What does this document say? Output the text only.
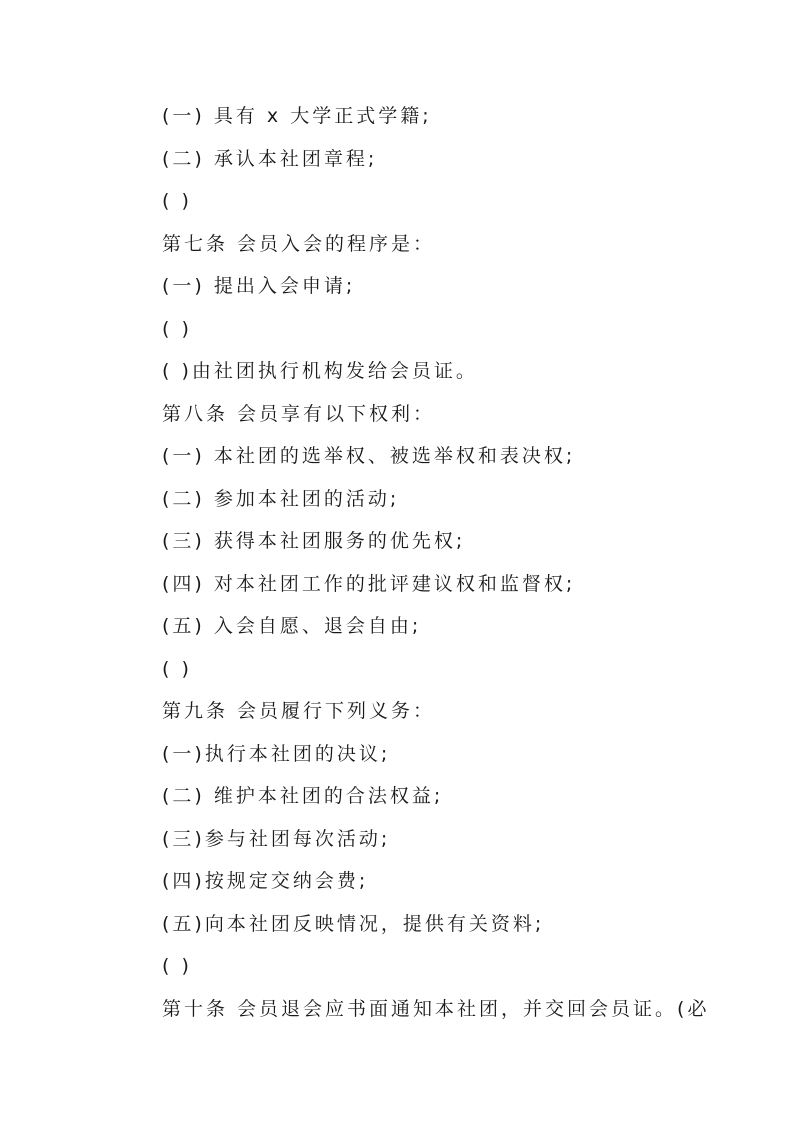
(一) 具有 x 大学正式学籍;
(二) 承认本社团章程;
( )
第七条 会员入会的程序是：
(一) 提出入会申请;
( )
( )由社团执行机构发给会员证。
第八条 会员享有以下权利：
(一) 本社团的选举权、被选举权和表决权;
(二) 参加本社团的活动;
(三) 获得本社团服务的优先权;
(四) 对本社团工作的批评建议权和监督权;
(五) 入会自愿、退会自由;
( )
第九条 会员履行下列义务：
(一)执行本社团的决议;
(二) 维护本社团的合法权益;
(三)参与社团每次活动;
(四)按规定交纳会费;
(五)向本社团反映情况，提供有关资料;
( )
第十条 会员退会应书面通知本社团，并交回会员证。(必
